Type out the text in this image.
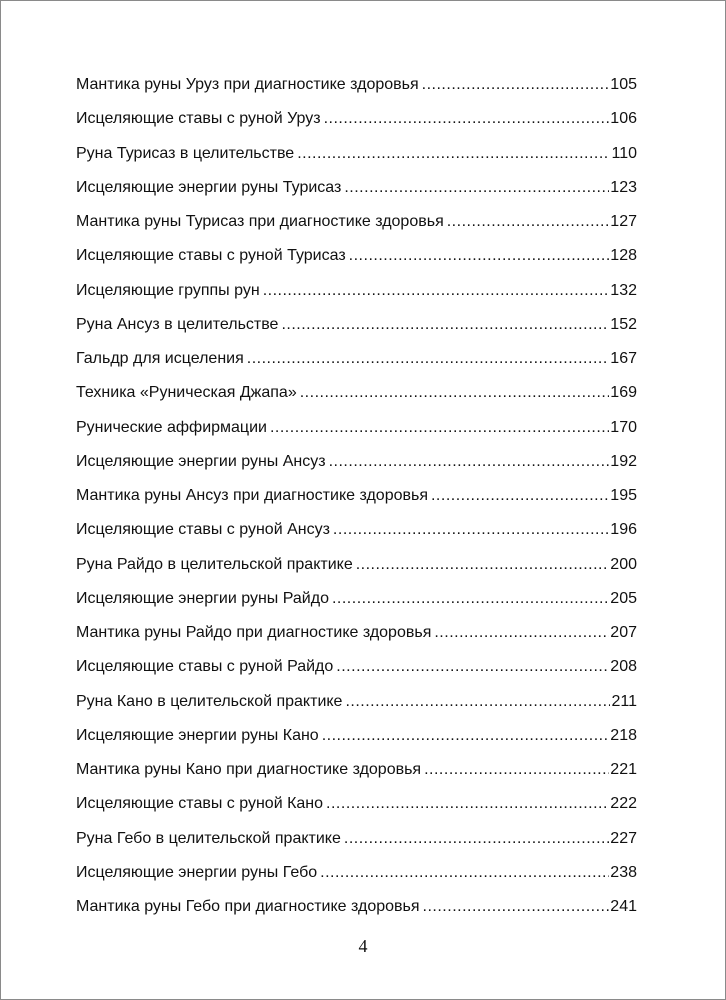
Мантика руны Уруз при диагностике здоровья .....	105
Исцеляющие ставы с руной Уруз .....	106
Руна Турисаз в целительстве .....	110
Исцеляющие энергии руны Турисаз .....	123
Мантика руны Турисаз при диагностике здоровья .....	127
Исцеляющие ставы с руной Турисаз .....	128
Исцеляющие группы рун .....	132
Руна Ансуз в целительстве .....	152
Гальдр для исцеления .....	167
Техника «Руническая Джапа» .....	169
Рунические аффирмации .....	170
Исцеляющие энергии руны Ансуз .....	192
Мантика руны Ансуз при диагностике здоровья .....	195
Исцеляющие ставы с руной Ансуз .....	196
Руна Райдо в целительской практике .....	200
Исцеляющие энергии руны Райдо .....	205
Мантика руны Райдо при диагностике здоровья .....	207
Исцеляющие ставы с руной Райдо .....	208
Руна Кано в целительской практике .....	211
Исцеляющие энергии руны Кано .....	218
Мантика руны Кано при диагностике здоровья .....	221
Исцеляющие ставы с руной Кано .....	222
Руна Гебо в целительской практике .....	227
Исцеляющие энергии руны Гебо .....	238
Мантика руны Гебо при диагностике здоровья .....	241
4
